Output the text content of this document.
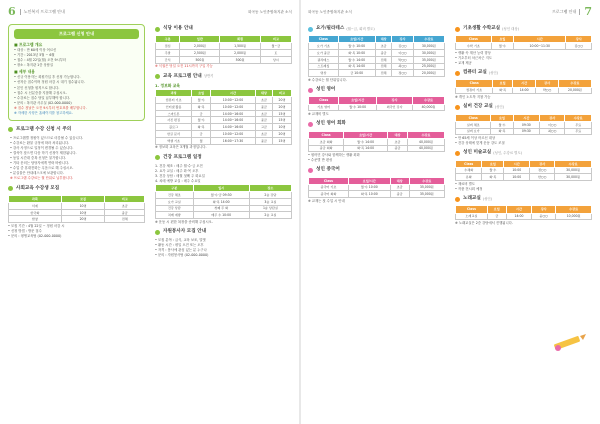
6	노인복지 프로그램 안내	화곡동 노인종합복지관 소식
프로그램 신청 안내
■ 프로그램 개요
• 대상 : 만 60세 이상 어르신
• 기간 : 2013년 5월 ~ 6월
• 접수 : 4월 22일(월) 오전 9시부터
• 장소 : 복지관 1층 상담실
■ 세부 내용
• 신규 이용자는 회원가입 후 신청 가능합니다.
• 선착순 접수이며 정원 마감 시 대기 접수됩니다.
• 본인 신청을 원칙으로 합니다.
• 접수 시 신분증을 지참해 주십시오.
• 수강료는 접수 당일 납부해야 합니다.
• 문의 : 복지관 사무실 (02-000-0000)
※ 접수 첫날은 오전 9시부터 번호표를 배부합니다.
※ 자세한 사항은 홈페이지를 참고하세요.
프로그램 수강 신청 시 주의
• 프로그램별 정원이 있으므로 마감될 수 있습니다.
• 수강료는 환불 규정에 따라 처리됩니다.
• 강사 사정으로 일정이 변경될 수 있습니다.
• 결석이 잦으면 다음 학기 신청이 제한됩니다.
• 동일 시간대 중복 신청은 불가합니다.
• 기타 문의는 담당자에게 연락 바랍니다.
• 수업 중 휴대전화는 무음으로 해 주십시오.
• 분실물은 안내데스크에 보관합니다.
※ 프로그램 수강료는 월 단위로 납부합니다.
사회교육 수강생 모집
과목	모집	비고
서예	10명	초급
한국화	10명	중급
합창	20명	전체
• 모집 기간 : 4월 22일 ~ 정원 마감 시
• 신청 방법 : 방문 접수
• 문의 : 평생교육팀 (02-000-0000)
식당 이용 안내
구분	일반	회원	비고
점심	2,000원	1,500원	월~금
주말	2,500원	2,000원	토
간식	500원	500원	상시
※ 식권은 당일 오전 11시까지 구입 가능
교육 프로그램 안내 상반기
1. 정보화 교육
과정	요일	시간	대상	비고
컴퓨터 기초	월·수	10:00~12:00	초급	20명
인터넷 활용	화·목	10:00~12:00	중급	20명
스마트폰	금	14:00~16:00	초급	15명
사진 편집	월·수	14:00~16:00	중급	15명
블로그	화·목	14:00~16:00	고급	10명
한글 문서	금	10:00~12:00	초급	20명
엑셀 기초	월	16:00~17:30	중급	15명
※ 정보화 교육은 3개월 과정입니다.
건강 프로그램 일정
1. 건강 체조 : 매주 월·수·금 오전
2. 요가 교실 : 매주 화·목 오후
3. 건강 상담 : 매월 첫째 주 화요일
4. 치매 예방 교실 : 매주 수요일
구분	일시	장소
건강 체조	월·수·금 09:30	2층 강당
요가 교실	화·목 14:00	3층 교실
건강 상담	첫째 주 화	1층 상담실
치매 예방	매주 수 10:00	2층 교실
※ 운동 시 편한 복장을 준비해 주십시오.
자원봉사자 모집 안내
• 모집 분야 : 급식, 교육 보조, 말벗
• 활동 시간 : 평일 오전 또는 오후
• 자격 : 봉사에 관심 있는 분 누구나
• 문의 : 자원봉사팀 (02-000-0000)
화곡동 노인종합복지관 소식	프로그램 안내 7
요가/필라테스 (월~금, 회비 별도)
Class	요일/시간	대상	강사	수강료
요가 기초	월·수 10:00	초급	김○○	30,000원
요가 중급	화·목 10:00	중급	이○○	30,000원
필라테스	월·수 14:00	전체	박○○	35,000원
스트레칭	화·목 14:00	전체	최○○	25,000원
명상	금 10:00	전체	정○○	20,000원
※ 수강료는 월 단위입니다.
성인 영어
Class	요일/시간	강사	수강료
기초 영어	월·수 10:00	외국인 강사	40,000원
※ 교재비 별도
성인 영어 회화
Class	요일/시간	대상	수강료
초급 회화	월·수 14:00	초급	40,000원
중급 회화	화·목 14:00	중급	40,000원
• 원어민 강사와 함께하는 생활 회화
• 수준별 반 편성
성인 중국어
Class	요일/시간	대상	수강료
중국어 기초	월·수 10:00	초급	35,000원
중국어 회화	화·목 10:00	중급	35,000원
※ 교재는 첫 수업 시 안내
기초생활 수학교실 (성인 대상)
Class	요일	시간	강사
수학 기초	월·수	10:00~11:30	김○○
• 생활 속 계산 능력 향상
• 기초부터 차근차근 지도
• 교재 제공
컴퓨터 교실 (성인)
Class	요일	시간	강사	수강료
컴퓨터 기초	화·목	14:00	박○○	20,000원
※ 개인 노트북 지참 가능
실버 건강 교실 (성인)
Class	요일	시간	강사	수강료
실버 체조	월·수	09:30	이○○	무료
실버 요가	화·목	09:30	최○○	무료
• 만 65세 이상 어르신 대상
• 건강 상태에 맞게 운동 강도 조절
성인 미술교실 (성인, 수강료 별도)
Class	요일	시간	강사	수강료
수채화	월·수	10:00	정○○	30,000원
유화	화·목	10:00	한○○	30,000원
• 재료비 별도
• 작품 전시회 예정
노래교실 (성인)
Class	요일	시간	강사	수강료
노래교실	금	14:00	윤○○	10,000원
※ 노래교실은 2층 강당에서 진행됩니다.
